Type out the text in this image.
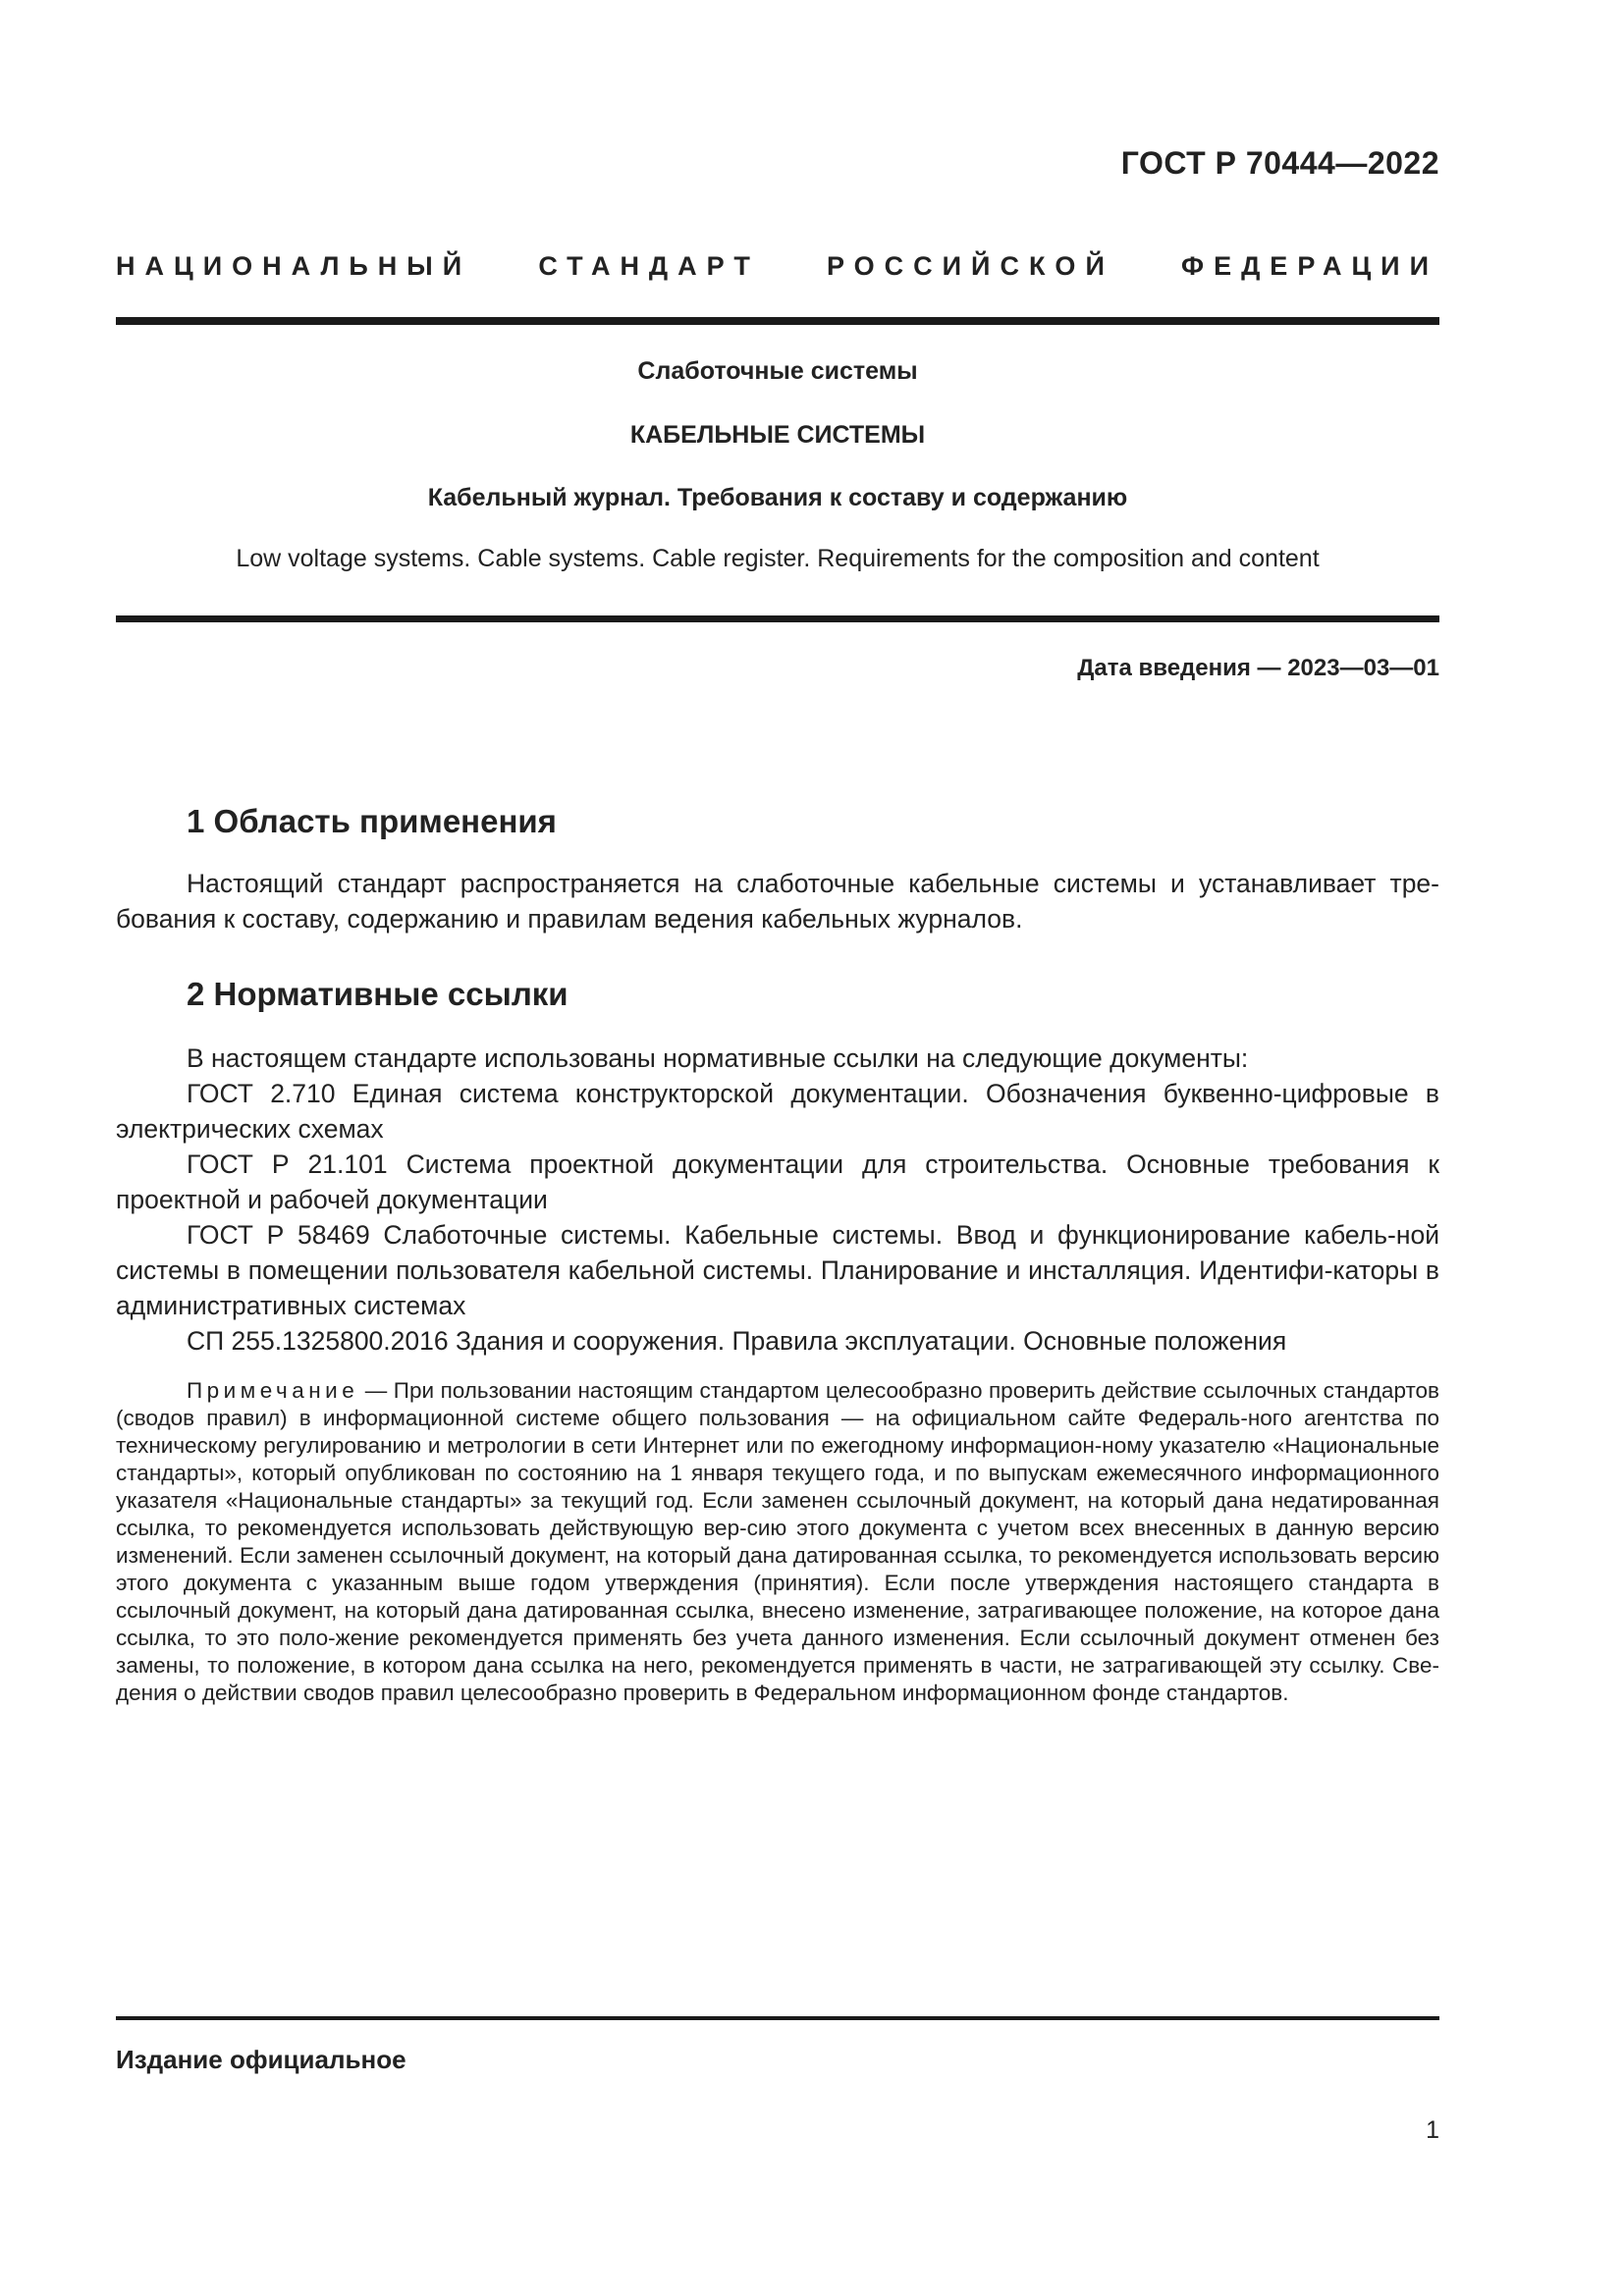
ГОСТ Р 70444—2022
НАЦИОНАЛЬНЫЙ СТАНДАРТ РОССИЙСКОЙ ФЕДЕРАЦИИ
Слаботочные системы
КАБЕЛЬНЫЕ СИСТЕМЫ
Кабельный журнал. Требования к составу и содержанию
Low voltage systems. Cable systems. Cable register. Requirements for the composition and content
Дата введения — 2023—03—01
1 Область применения

Настоящий стандарт распространяется на слаботочные кабельные системы и устанавливает тре-бования к составу, содержанию и правилам ведения кабельных журналов.

2 Нормативные ссылки

В настоящем стандарте использованы нормативные ссылки на следующие документы:

ГОСТ 2.710 Единая система конструкторской документации. Обозначения буквенно-цифровые в электрических схемах

ГОСТ Р 21.101 Система проектной документации для строительства. Основные требования к проектной и рабочей документации

ГОСТ Р 58469 Слаботочные системы. Кабельные системы. Ввод и функционирование кабель-ной системы в помещении пользователя кабельной системы. Планирование и инсталляция. Идентифи-каторы в административных системах

СП 255.1325800.2016 Здания и сооружения. Правила эксплуатации. Основные положения

Примечание — При пользовании настоящим стандартом целесообразно проверить действие ссылочных стандартов (сводов правил) в информационной системе общего пользования — на официальном сайте Федераль-ного агентства по техническому регулированию и метрологии в сети Интернет или по ежегодному информацион-ному указателю «Национальные стандарты», который опубликован по состоянию на 1 января текущего года, и по выпускам ежемесячного информационного указателя «Национальные стандарты» за текущий год. Если заменен ссылочный документ, на который дана недатированная ссылка, то рекомендуется использовать действующую вер-сию этого документа с учетом всех внесенных в данную версию изменений. Если заменен ссылочный документ, на который дана датированная ссылка, то рекомендуется использовать версию этого документа с указанным выше годом утверждения (принятия). Если после утверждения настоящего стандарта в ссылочный документ, на который дана датированная ссылка, внесено изменение, затрагивающее положение, на которое дана ссылка, то это поло-жение рекомендуется применять без учета данного изменения. Если ссылочный документ отменен без замены, то положение, в котором дана ссылка на него, рекомендуется применять в части, не затрагивающей эту ссылку. Све-дения о действии сводов правил целесообразно проверить в Федеральном информационном фонде стандартов.
Издание официальное
1
